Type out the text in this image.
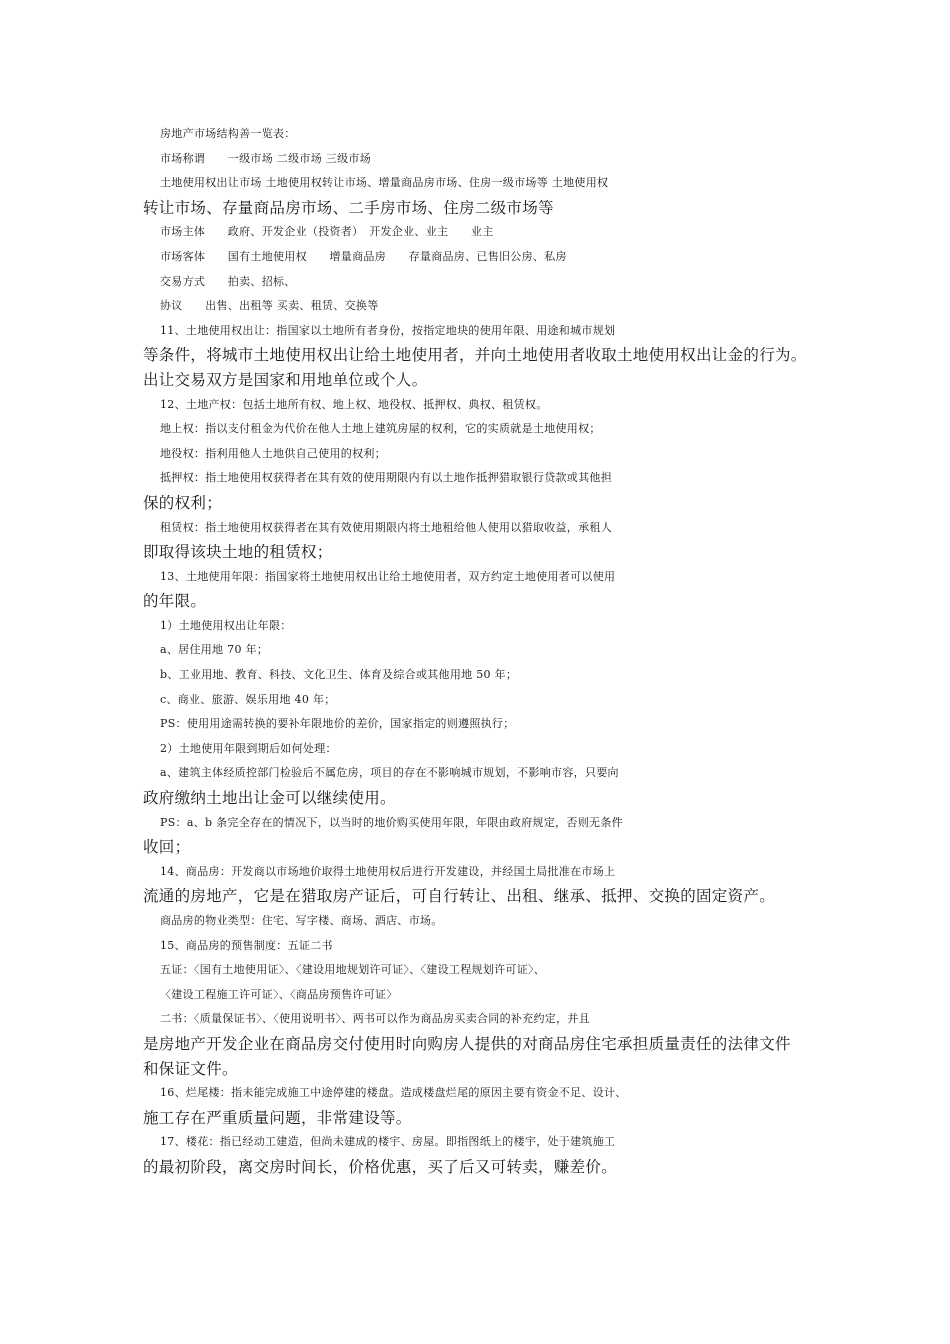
房地产市场结构善一览表：
市场称谓　　一级市场 二级市场 三级市场
土地使用权出让市场 土地使用权转让市场、增量商品房市场、住房一级市场等 土地使用权
转让市场、存量商品房市场、二手房市场、住房二级市场等
市场主体　　政府、开发企业（投资者）　开发企业、业主　　业主
市场客体　　国有土地使用权　　增量商品房　　存量商品房、已售旧公房、私房
交易方式　　拍卖、招标、
协议　　出售、出租等 买卖、租赁、交换等
11、土地使用权出让：指国家以土地所有者身份，按指定地块的使用年限、用途和城市规划
等条件，将城市土地使用权出让给土地使用者，并向土地使用者收取土地使用权出让金的行为。
出让交易双方是国家和用地单位或个人。
12、土地产权：包括土地所有权、地上权、地役权、抵押权、典权、租赁权。
地上权：指以支付租金为代价在他人土地上建筑房屋的权利，它的实质就是土地使用权；
地役权：指利用他人土地供自己使用的权利；
抵押权：指土地使用权获得者在其有效的使用期限内有以土地作抵押猎取银行贷款或其他担
保的权利；
租赁权：指土地使用权获得者在其有效使用期限内将土地租给他人使用以猎取收益，承租人
即取得该块土地的租赁权；
13、土地使用年限：指国家将土地使用权出让给土地使用者，双方约定土地使用者可以使用
的年限。
1）土地使用权出让年限：
a、居住用地 70 年；
b、工业用地、教育、科技、文化卫生、体育及综合或其他用地 50 年；
c、商业、旅游、娱乐用地 40 年；
PS：使用用途需转换的要补年限地价的差价，国家指定的则遵照执行；
2）土地使用年限到期后如何处理：
a、建筑主体经质控部门检验后不属危房，项目的存在不影响城市规划，不影响市容，只要向
政府缴纳土地出让金可以继续使用。
PS：a、b 条完全存在的情况下，以当时的地价购买使用年限，年限由政府规定，否则无条件
收回；
14、商品房：开发商以市场地价取得土地使用权后进行开发建设，并经国土局批准在市场上
流通的房地产，它是在猎取房产证后，可自行转让、出租、继承、抵押、交换的固定资产。
商品房的物业类型：住宅、写字楼、商场、酒店、市场。
15、商品房的预售制度：五证二书
五证：〈国有土地使用证〉、〈建设用地规划许可证〉、〈建设工程规划许可证〉、
〈建设工程施工许可证〉、〈商品房预售许可证〉
二书：〈质量保证书〉、〈使用说明书〉、两书可以作为商品房买卖合同的补充约定，并且
是房地产开发企业在商品房交付使用时向购房人提供的对商品房住宅承担质量责任的法律文件
和保证文件。
16、烂尾楼：指未能完成施工中途停建的楼盘。造成楼盘烂尾的原因主要有资金不足、设计、
施工存在严重质量问题，非常建设等。
17、楼花：指已经动工建造，但尚未建成的楼宇、房屋。即指图纸上的楼宇，处于建筑施工
的最初阶段，离交房时间长，价格优惠，买了后又可转卖，赚差价。
